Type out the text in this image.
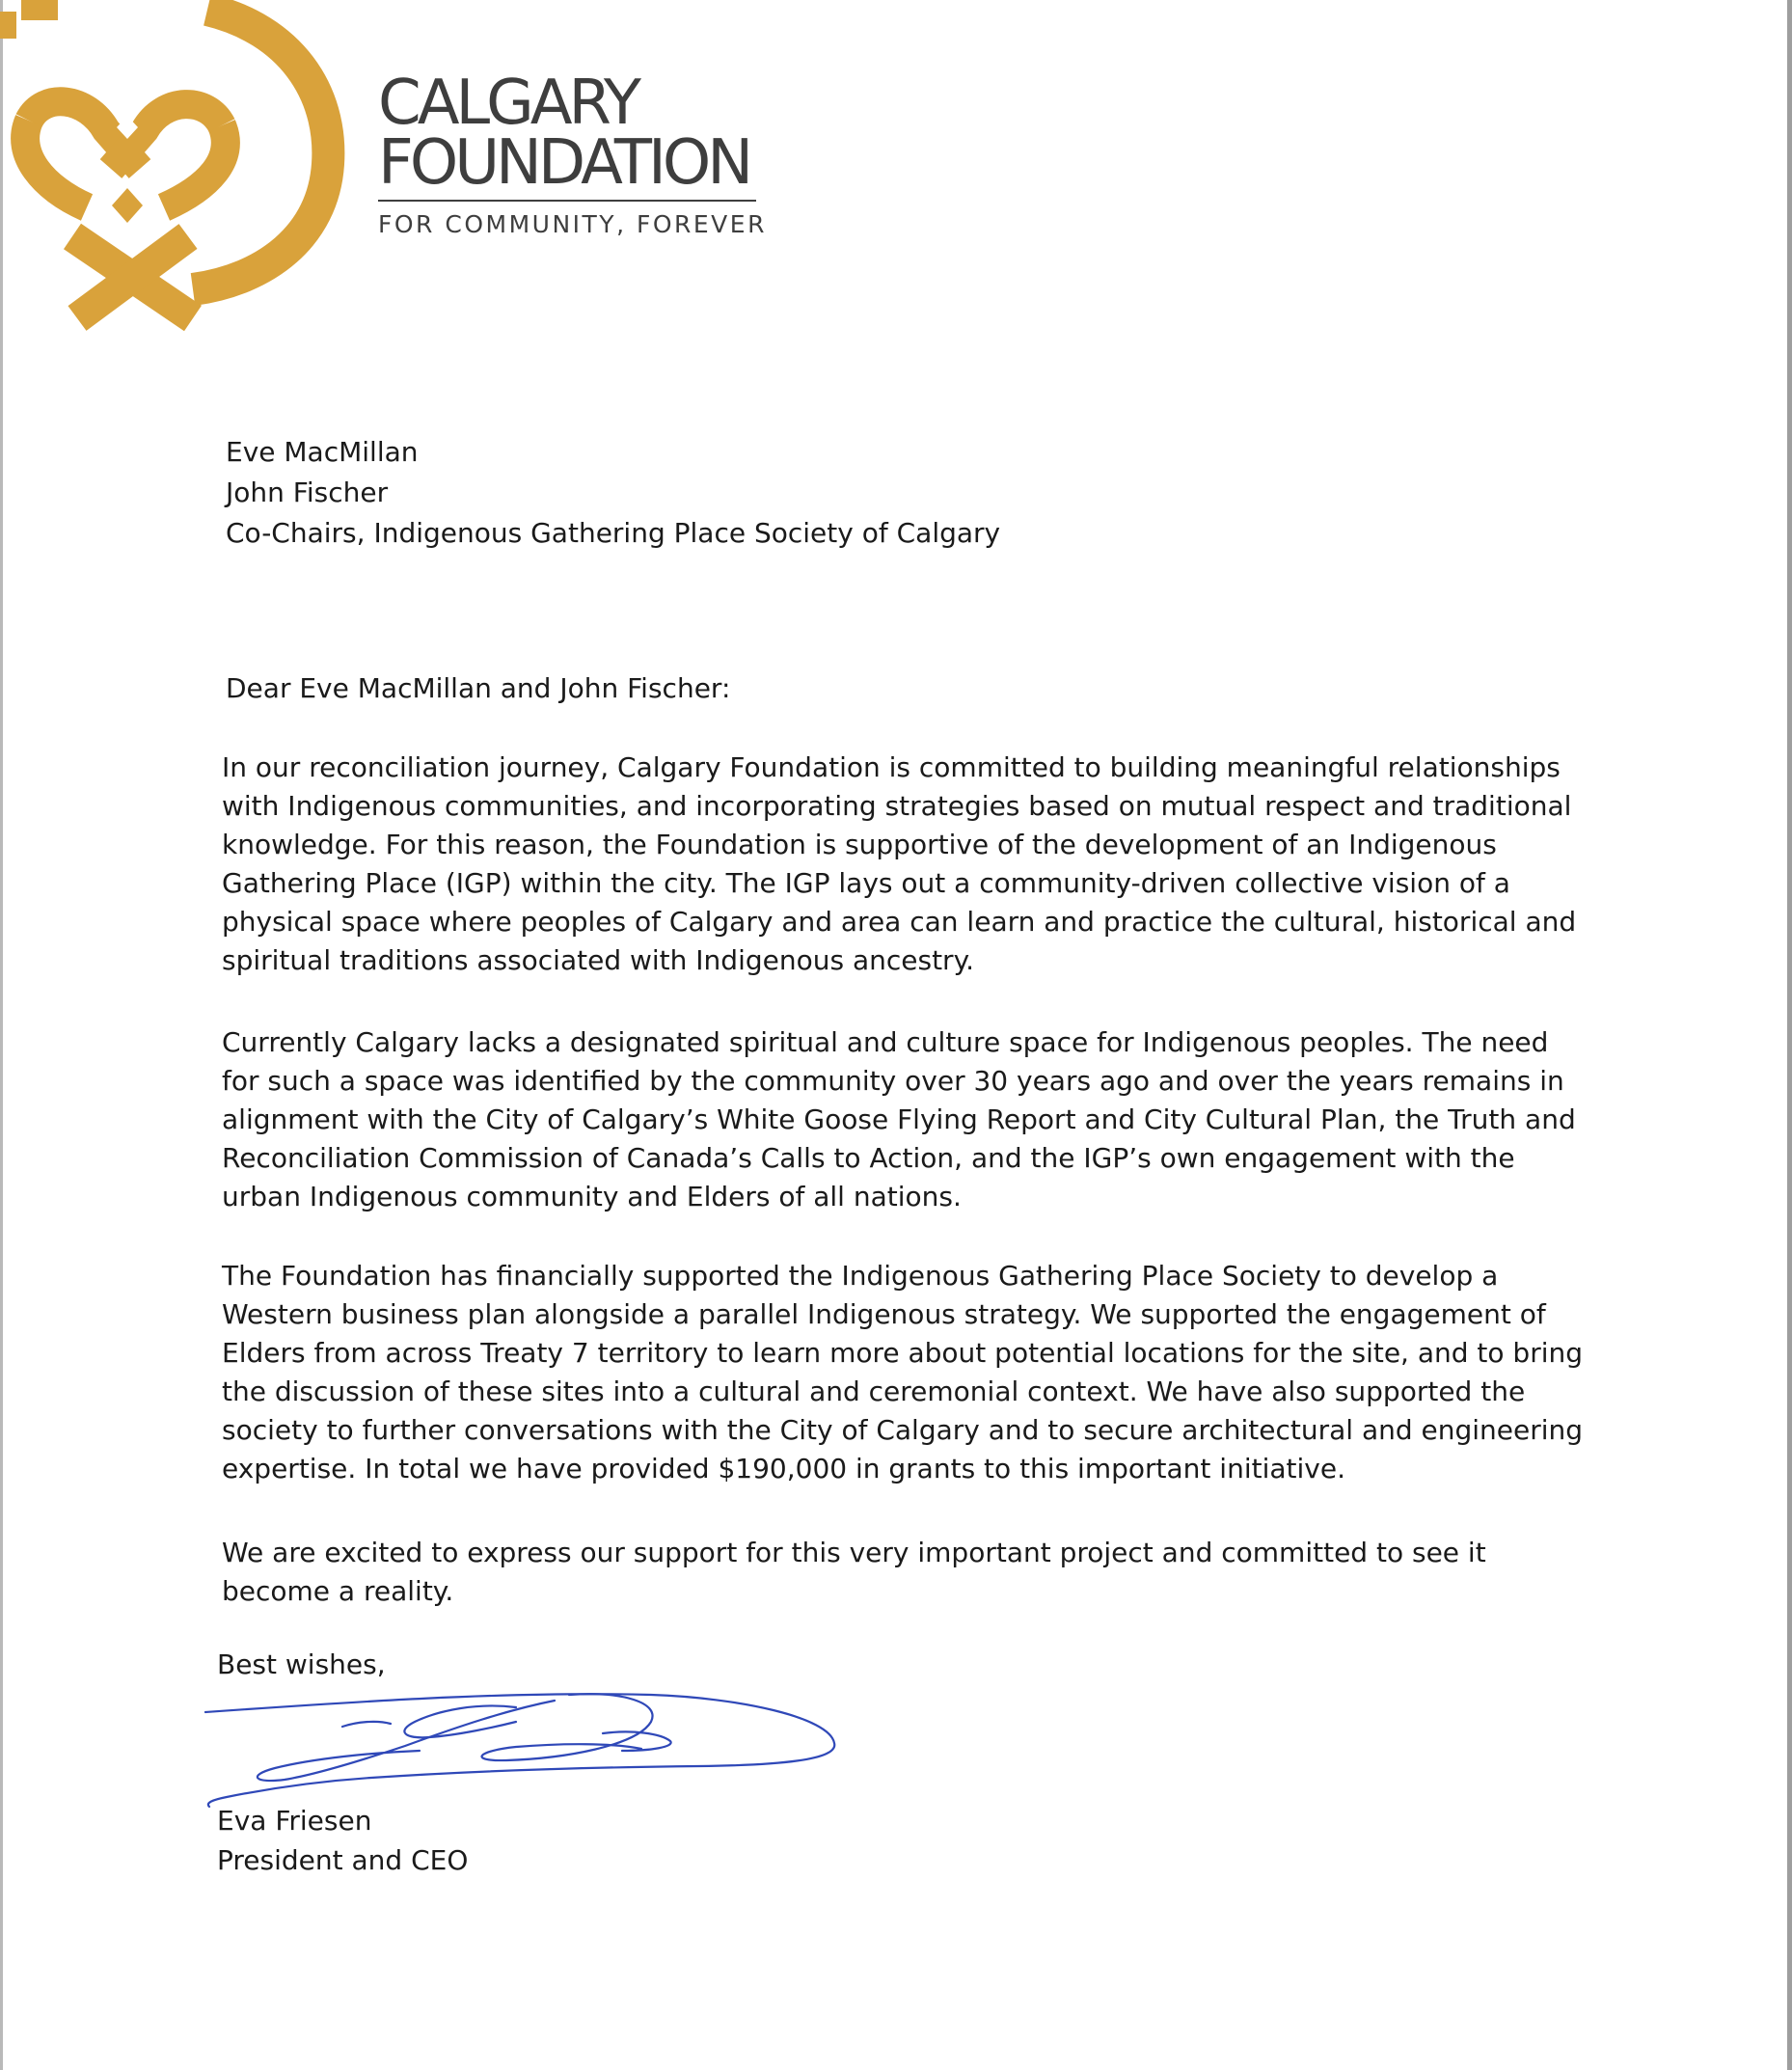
CALGARY
FOUNDATION
FOR COMMUNITY, FOREVER
Eve MacMillan
John Fischer
Co-Chairs, Indigenous Gathering Place Society of Calgary
Dear Eve MacMillan and John Fischer:
In our reconciliation journey, Calgary Foundation is committed to building meaningful relationships with Indigenous communities, and incorporating strategies based on mutual respect and traditional knowledge. For this reason, the Foundation is supportive of the development of an Indigenous Gathering Place (IGP) within the city. The IGP lays out a community-driven collective vision of a physical space where peoples of Calgary and area can learn and practice the cultural, historical and spiritual traditions associated with Indigenous ancestry.
Currently Calgary lacks a designated spiritual and culture space for Indigenous peoples. The need for such a space was identified by the community over 30 years ago and over the years remains in alignment with the City of Calgary’s White Goose Flying Report and City Cultural Plan, the Truth and Reconciliation Commission of Canada’s Calls to Action, and the IGP’s own engagement with the urban Indigenous community and Elders of all nations.
The Foundation has financially supported the Indigenous Gathering Place Society to develop a Western business plan alongside a parallel Indigenous strategy. We supported the engagement of Elders from across Treaty 7 territory to learn more about potential locations for the site, and to bring the discussion of these sites into a cultural and ceremonial context. We have also supported the society to further conversations with the City of Calgary and to secure architectural and engineering expertise. In total we have provided $190,000 in grants to this important initiative.
We are excited to express our support for this very important project and committed to see it become a reality.
Best wishes,
Eva Friesen
President and CEO
